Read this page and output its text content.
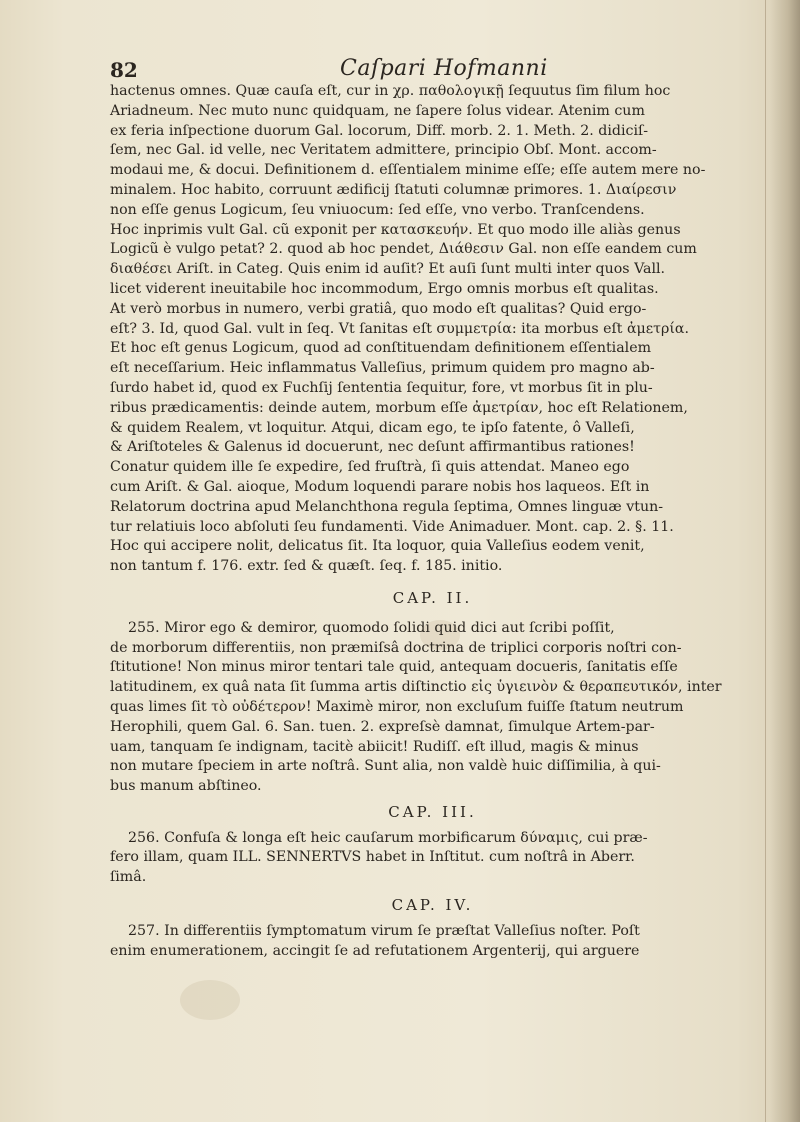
82	Caſpari Hofmanni
hactenus omnes. Quæ cauſa eſt, cur in χρ. παθολογικῇ ſequutus ſim filum hoc
Ariadneum. Nec muto nunc quidquam, ne ſapere ſolus videar. Atenim cum
ex feria inſpectione duorum Gal. locorum, Diff. morb. 2. 1. Meth. 2. didiciſ-
ſem, nec Gal. id velle, nec Veritatem admittere, principio Obſ. Mont. accom-
modaui me, & docui. Definitionem d. eſſentialem minime eſſe; eſſe autem mere no-
minalem. Hoc habito, corruunt ædificij ſtatuti columnæ primores. 1. Διαίρεσιν
non eſſe genus Logicum, ſeu vniuocum: ſed eſſe, vno verbo. Tranſcendens.
Hoc inprimis vult Gal. cũ exponit per κατασκευήν. Et quo modo ille aliàs genus
Logicũ è vulgo petat? 2. quod ab hoc pendet, Διάθεσιν Gal. non eſſe eandem cum
διαθέσει Ariſt. in Categ. Quis enim id auſit? Et auſi ſunt multi inter quos Vall.
licet viderent ineuitabile hoc incommodum, Ergo omnis morbus eſt qualitas.
At verò morbus in numero, verbi gratiâ, quo modo eſt qualitas? Quid ergo-
eſt? 3. Id, quod Gal. vult in ſeq. Vt ſanitas eſt συμμετρία: ita morbus eſt ἀμετρία.
Et hoc eſt genus Logicum, quod ad conſtituendam definitionem eſſentialem
eſt neceſſarium. Heic inflammatus Valleſius, primum quidem pro magno ab-
ſurdo habet id, quod ex Fuchſij ſententia ſequitur, fore, vt morbus ſit in plu-
ribus prædicamentis: deinde autem, morbum eſſe ἀμετρίαν, hoc eſt Relationem,
& quidem Realem, vt loquitur. Atqui, dicam ego, te ipſo fatente, ô Valleſi,
& Ariſtoteles & Galenus id docuerunt, nec deſunt affirmantibus rationes!
Conatur quidem ille ſe expedire, ſed fruſtrà, ſi quis attendat. Maneo ego
cum Ariſt. & Gal. aioque, Modum loquendi parare nobis hos laqueos. Eſt in
Relatorum doctrina apud Melanchthona regula ſeptima, Omnes linguæ vtun-
tur relatiuis loco abſoluti ſeu fundamenti. Vide Animaduer. Mont. cap. 2. §. 11.
Hoc qui accipere nolit, delicatus ſit. Ita loquor, quia Valleſius eodem venit,
non tantum f. 176. extr. ſed & quæſt. ſeq. f. 185. initio.
CAP. II.
255. Miror ego & demiror, quomodo ſolidi quid dici aut ſcribi poſſit,
de morborum differentiis, non præmiſsâ doctrina de triplici corporis noſtri con-
ſtitutione! Non minus miror tentari tale quid, antequam docueris, ſanitatis eſſe
latitudinem, ex quâ nata ſit ſumma artis diſtinctio εἰς ὑγιεινὸν & θεραπευτικόν, inter
quas limes ſit τὸ οὐδέτερον! Maximè miror, non excluſum fuiſſe ſtatum neutrum
Herophili, quem Gal. 6. San. tuen. 2. expreſsè damnat, ſimulque Artem-par-
uam, tanquam ſe indignam, tacitè abiicit! Rudiſſ. eſt illud, magis & minus
non mutare ſpeciem in arte noſtrâ. Sunt alia, non valdè huic diſſimilia, à qui-
bus manum abſtineo.
CAP. III.
256. Confuſa & longa eſt heic cauſarum morbificarum δύναμις, cui præ-
fero illam, quam ILL. SENNERTVS habet in Inſtitut. cum noſtrâ in Aberr.
ſimâ.
CAP. IV.
257. In differentiis ſymptomatum virum ſe præſtat Valleſius noſter. Poſt
enim enumerationem, accingit ſe ad refutationem Argenterij, qui arguere
